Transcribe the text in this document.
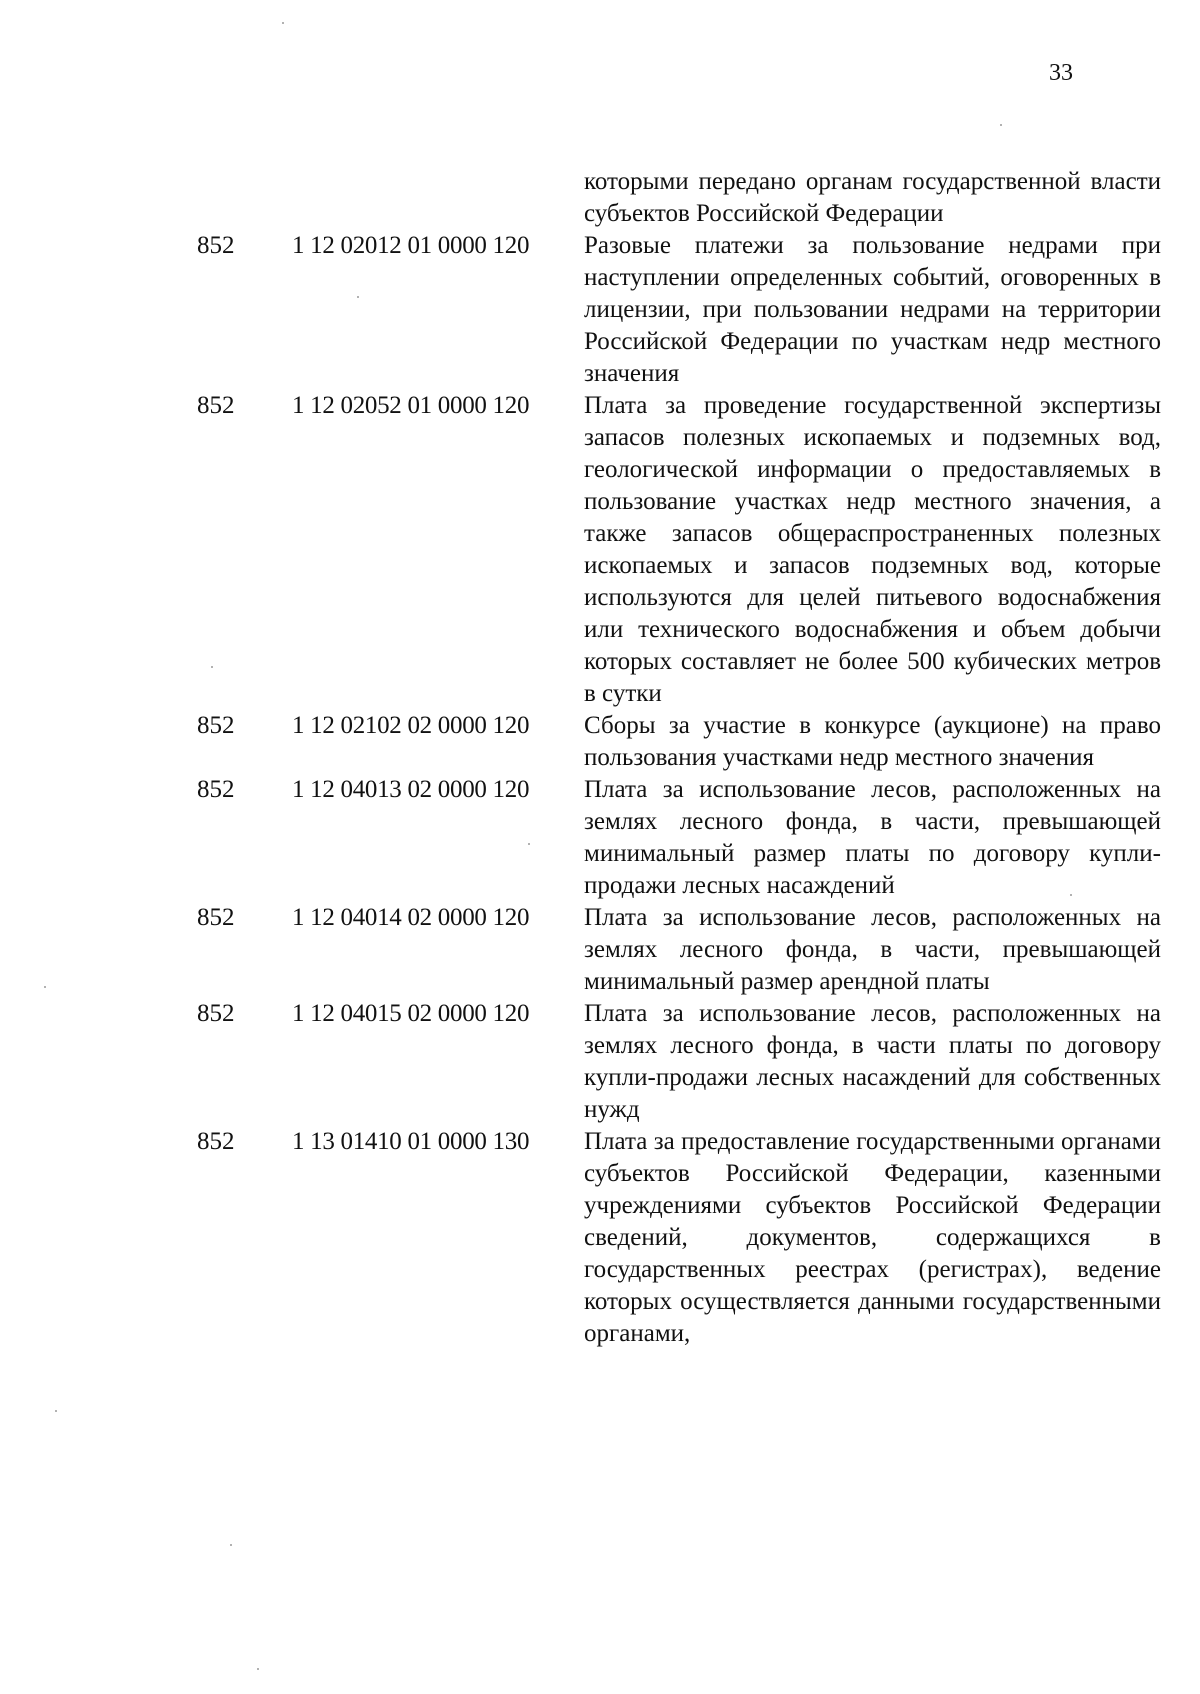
33
которыми передано органам государственной власти субъектов Российской Федерации
852	1 12 02012 01 0000 120	Разовые платежи за пользование недрами при наступлении определенных событий, оговоренных в лицензии, при пользовании недрами на территории Российской Федерации по участкам недр местного значения
852	1 12 02052 01 0000 120	Плата за проведение государственной экспертизы запасов полезных ископаемых и подземных вод, геологической информации о предоставляемых в пользование участках недр местного значения, а также запасов общераспространенных полезных ископаемых и запасов подземных вод, которые используются для целей питьевого водоснабжения или технического водоснабжения и объем добычи которых составляет не более 500 кубических метров в сутки
852	1 12 02102 02 0000 120	Сборы за участие в конкурсе (аукционе) на право пользования участками недр местного значения
852	1 12 04013 02 0000 120	Плата за использование лесов, расположенных на землях лесного фонда, в части, превышающей минимальный размер платы по договору купли-продажи лесных насаждений
852	1 12 04014 02 0000 120	Плата за использование лесов, расположенных на землях лесного фонда, в части, превышающей минимальный размер арендной платы
852	1 12 04015 02 0000 120	Плата за использование лесов, расположенных на землях лесного фонда, в части платы по договору купли-продажи лесных насаждений для собственных нужд
852	1 13 01410 01 0000 130	Плата за предоставление государственными органами субъектов Российской Федерации, казенными учреждениями субъектов Российской Федерации сведений, документов, содержащихся в государственных реестрах (регистрах), ведение которых осуществляется данными государственными органами,
